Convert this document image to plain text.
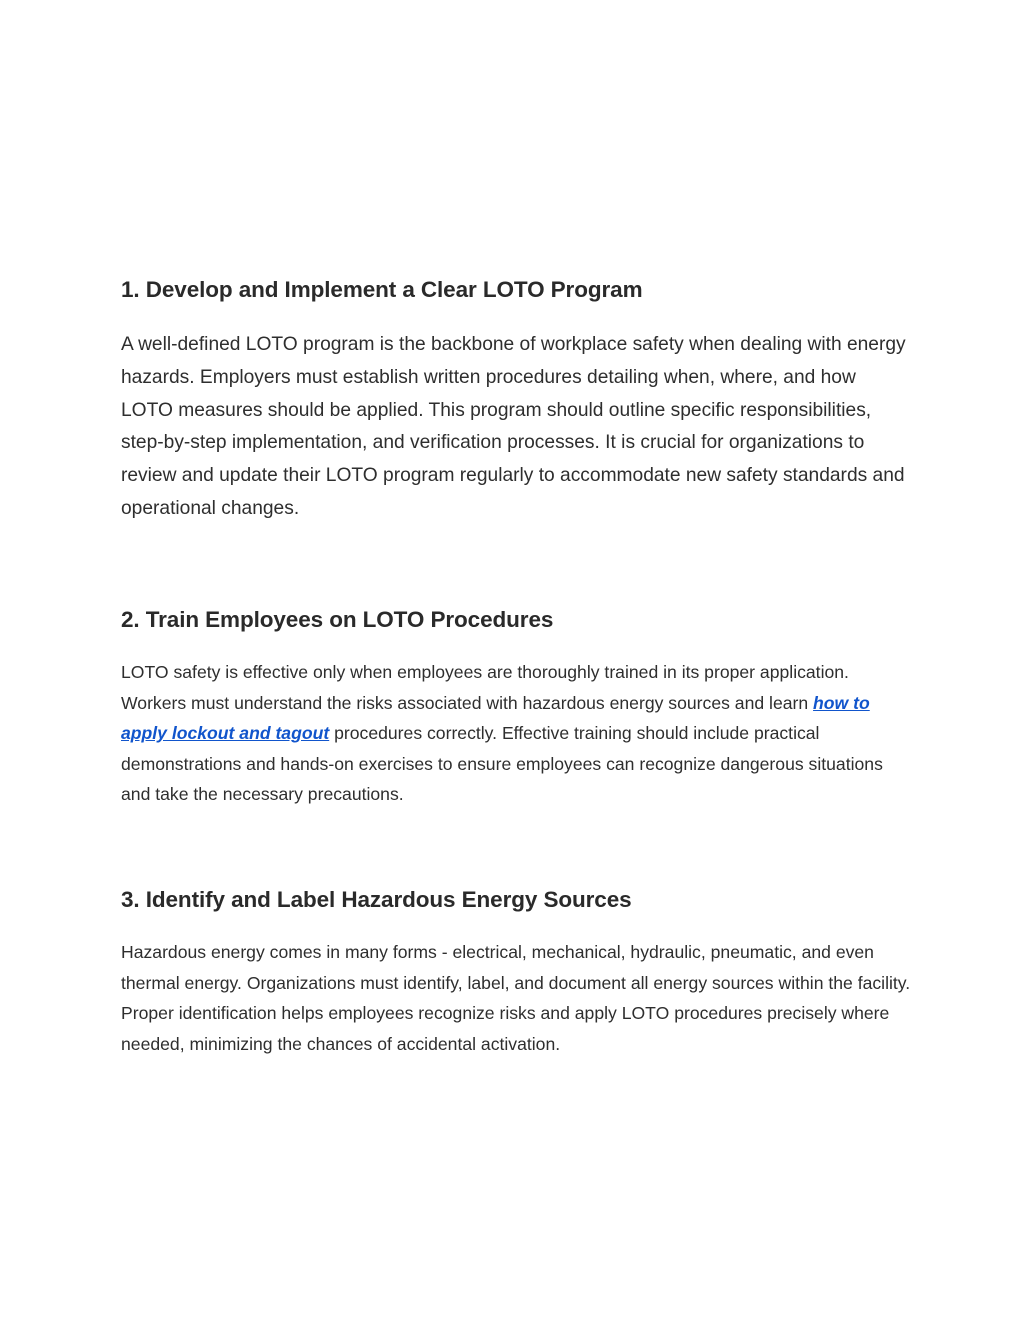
1. Develop and Implement a Clear LOTO Program

A well-defined LOTO program is the backbone of workplace safety when dealing with energy hazards. Employers must establish written procedures detailing when, where, and how LOTO measures should be applied. This program should outline specific responsibilities, step-by-step implementation, and verification processes. It is crucial for organizations to review and update their LOTO program regularly to accommodate new safety standards and operational changes.

2. Train Employees on LOTO Procedures

LOTO safety is effective only when employees are thoroughly trained in its proper application. Workers must understand the risks associated with hazardous energy sources and learn how to apply lockout and tagout procedures correctly. Effective training should include practical demonstrations and hands-on exercises to ensure employees can recognize dangerous situations and take the necessary precautions.

3. Identify and Label Hazardous Energy Sources

Hazardous energy comes in many forms - electrical, mechanical, hydraulic, pneumatic, and even thermal energy. Organizations must identify, label, and document all energy sources within the facility. Proper identification helps employees recognize risks and apply LOTO procedures precisely where needed, minimizing the chances of accidental activation.
